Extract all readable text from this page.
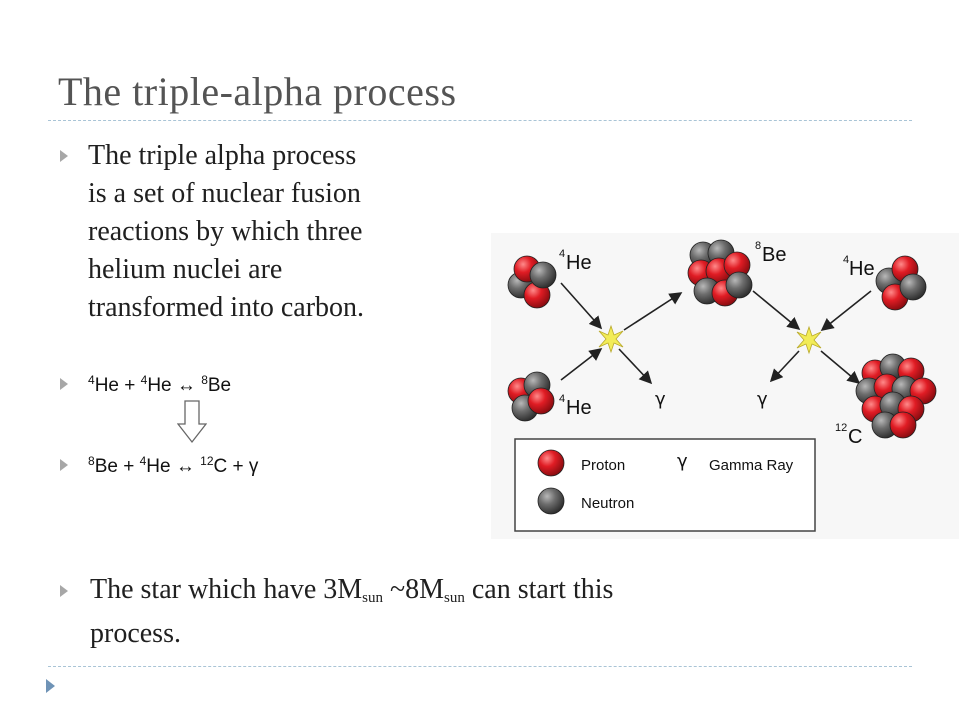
The triple-alpha process
The triple alpha process
is a set of nuclear fusion
reactions by which three
helium nuclei are
transformed into carbon.
$^4$He + $^4$He ↔ $^8$Be
$^8$Be + $^4$He ↔ $^{12}$C + γ
4 He
4 He	γ
8 Be	4 He
γ
12 C
Proton
Neutron
γ Gamma Ray
The star which have $3M_{sun}$ $\sim 8M_{sun}$ can start this
process.
